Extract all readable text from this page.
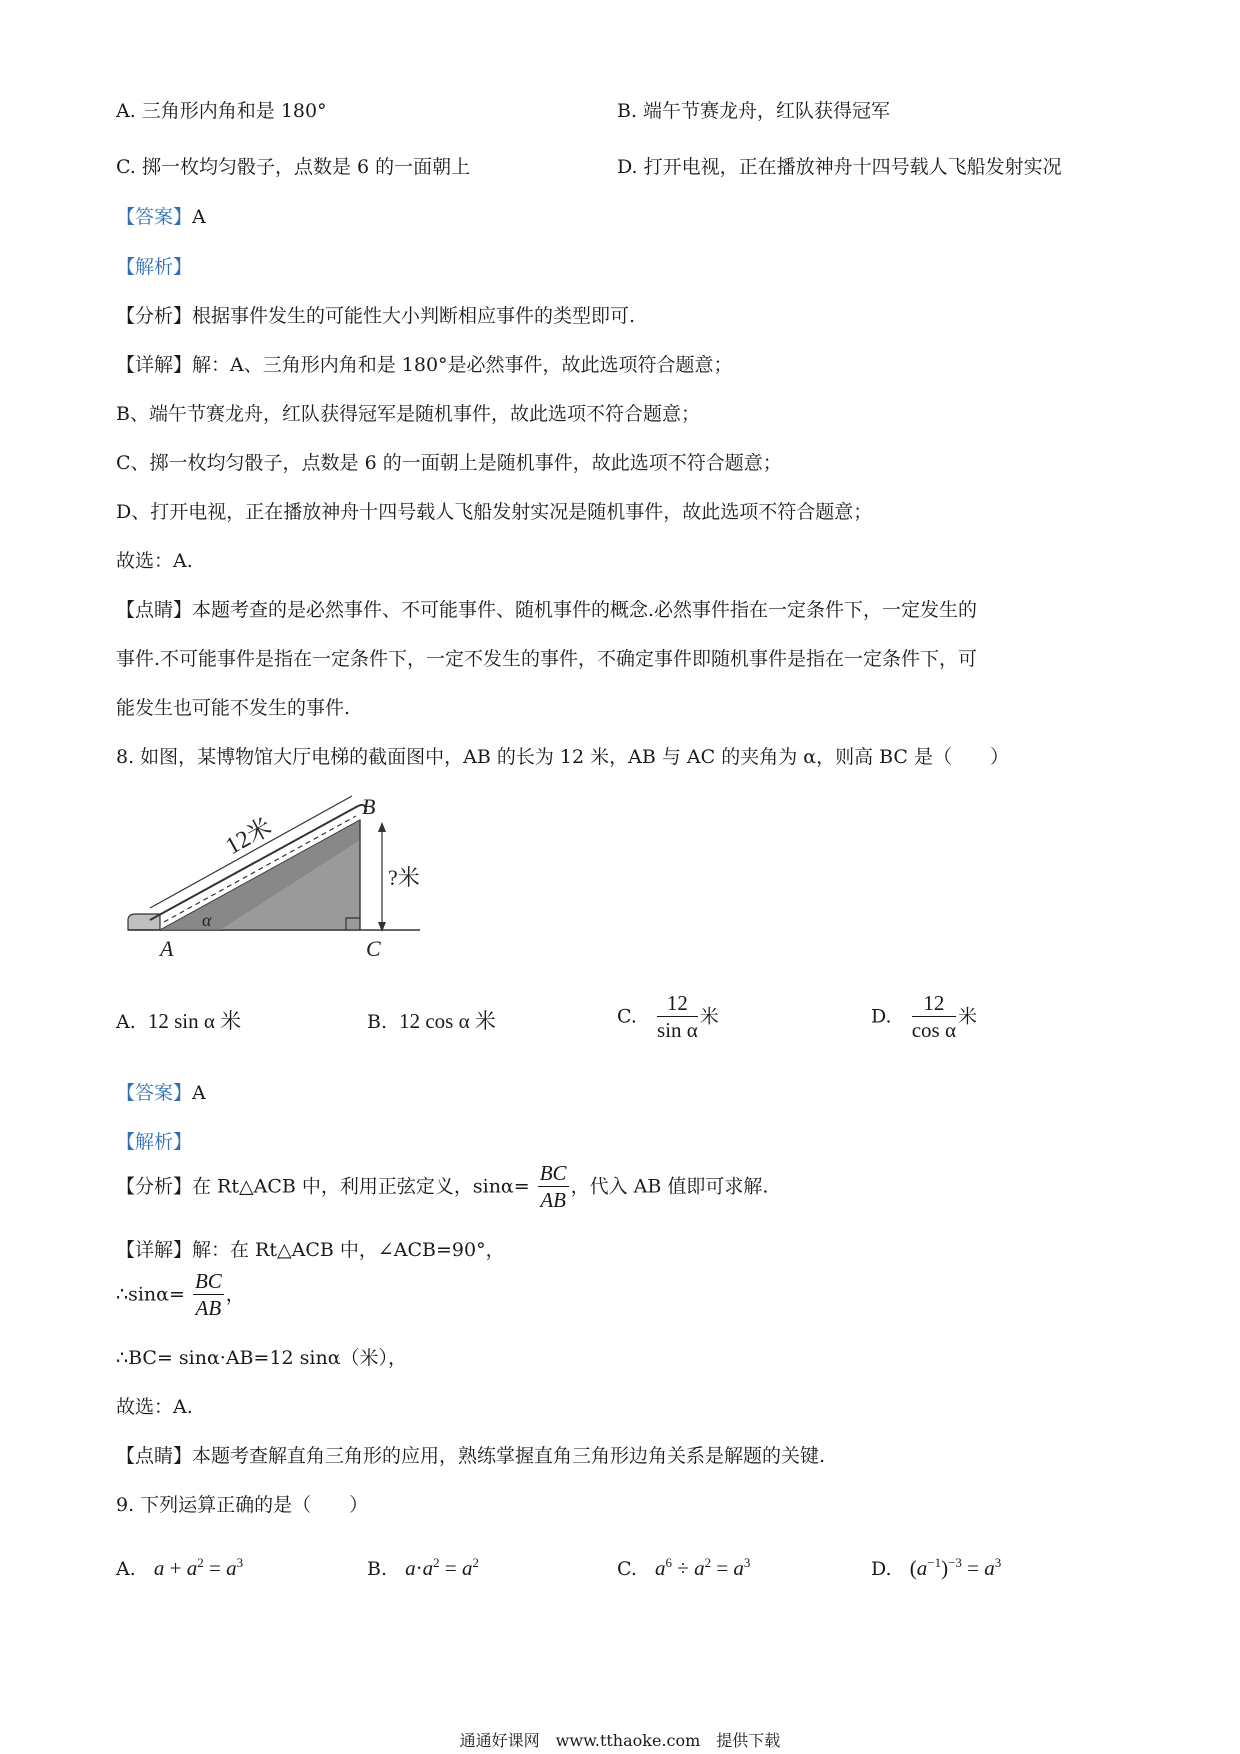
A. 三角形内角和是 180°	B. 端午节赛龙舟，红队获得冠军
C. 掷一枚均匀骰子，点数是 6 的一面朝上	D. 打开电视，正在播放神舟十四号载人飞船发射实况
【答案】A
【解析】
【分析】根据事件发生的可能性大小判断相应事件的类型即可.
【详解】解：A、三角形内角和是 180°是必然事件，故此选项符合题意；
B、端午节赛龙舟，红队获得冠军是随机事件，故此选项不符合题意；
C、掷一枚均匀骰子，点数是 6 的一面朝上是随机事件，故此选项不符合题意；
D、打开电视，正在播放神舟十四号载人飞船发射实况是随机事件，故此选项不符合题意；
故选：A.
【点睛】本题考查的是必然事件、不可能事件、随机事件的概念.必然事件指在一定条件下，一定发生的
事件.不可能事件是指在一定条件下，一定不发生的事件，不确定事件即随机事件是指在一定条件下，可
能发生也可能不发生的事件.
8. 如图，某博物馆大厅电梯的截面图中，AB 的长为 12 米，AB 与 AC 的夹角为 α，则高 BC 是（　　）
12米
?米
B
A	C
α
A. 12 sin α 米	B. 12 cos α 米	C. $\frac{12}{\text{sin α}}$ 米	D. $\frac{12}{\text{cos α}}$ 米
【答案】A
【解析】
【分析】在 Rt△ACB 中，利用正弦定义，$\sin\alpha= \frac{BC}{AB}$ ，代入 AB 值即可求解.
【详解】解：在 Rt△ACB 中，∠ACB=90°，
∴sinα= $\frac{BC}{AB}$ ，
∴BC= sinα·AB=12 sinα（米），
故选：A.
【点睛】本题考查解直角三角形的应用，熟练掌握直角三角形边角关系是解题的关键.
9. 下列运算正确的是（　　）
A. $a + a^2 = a^3$	B. $a\cdot a^2 = a^2$	C. $a^6 \div a^2 = a^3$	D. $(a^{-1})^{-3} = a^3$
通通好课网　www.tthaoke.com　提供下载
